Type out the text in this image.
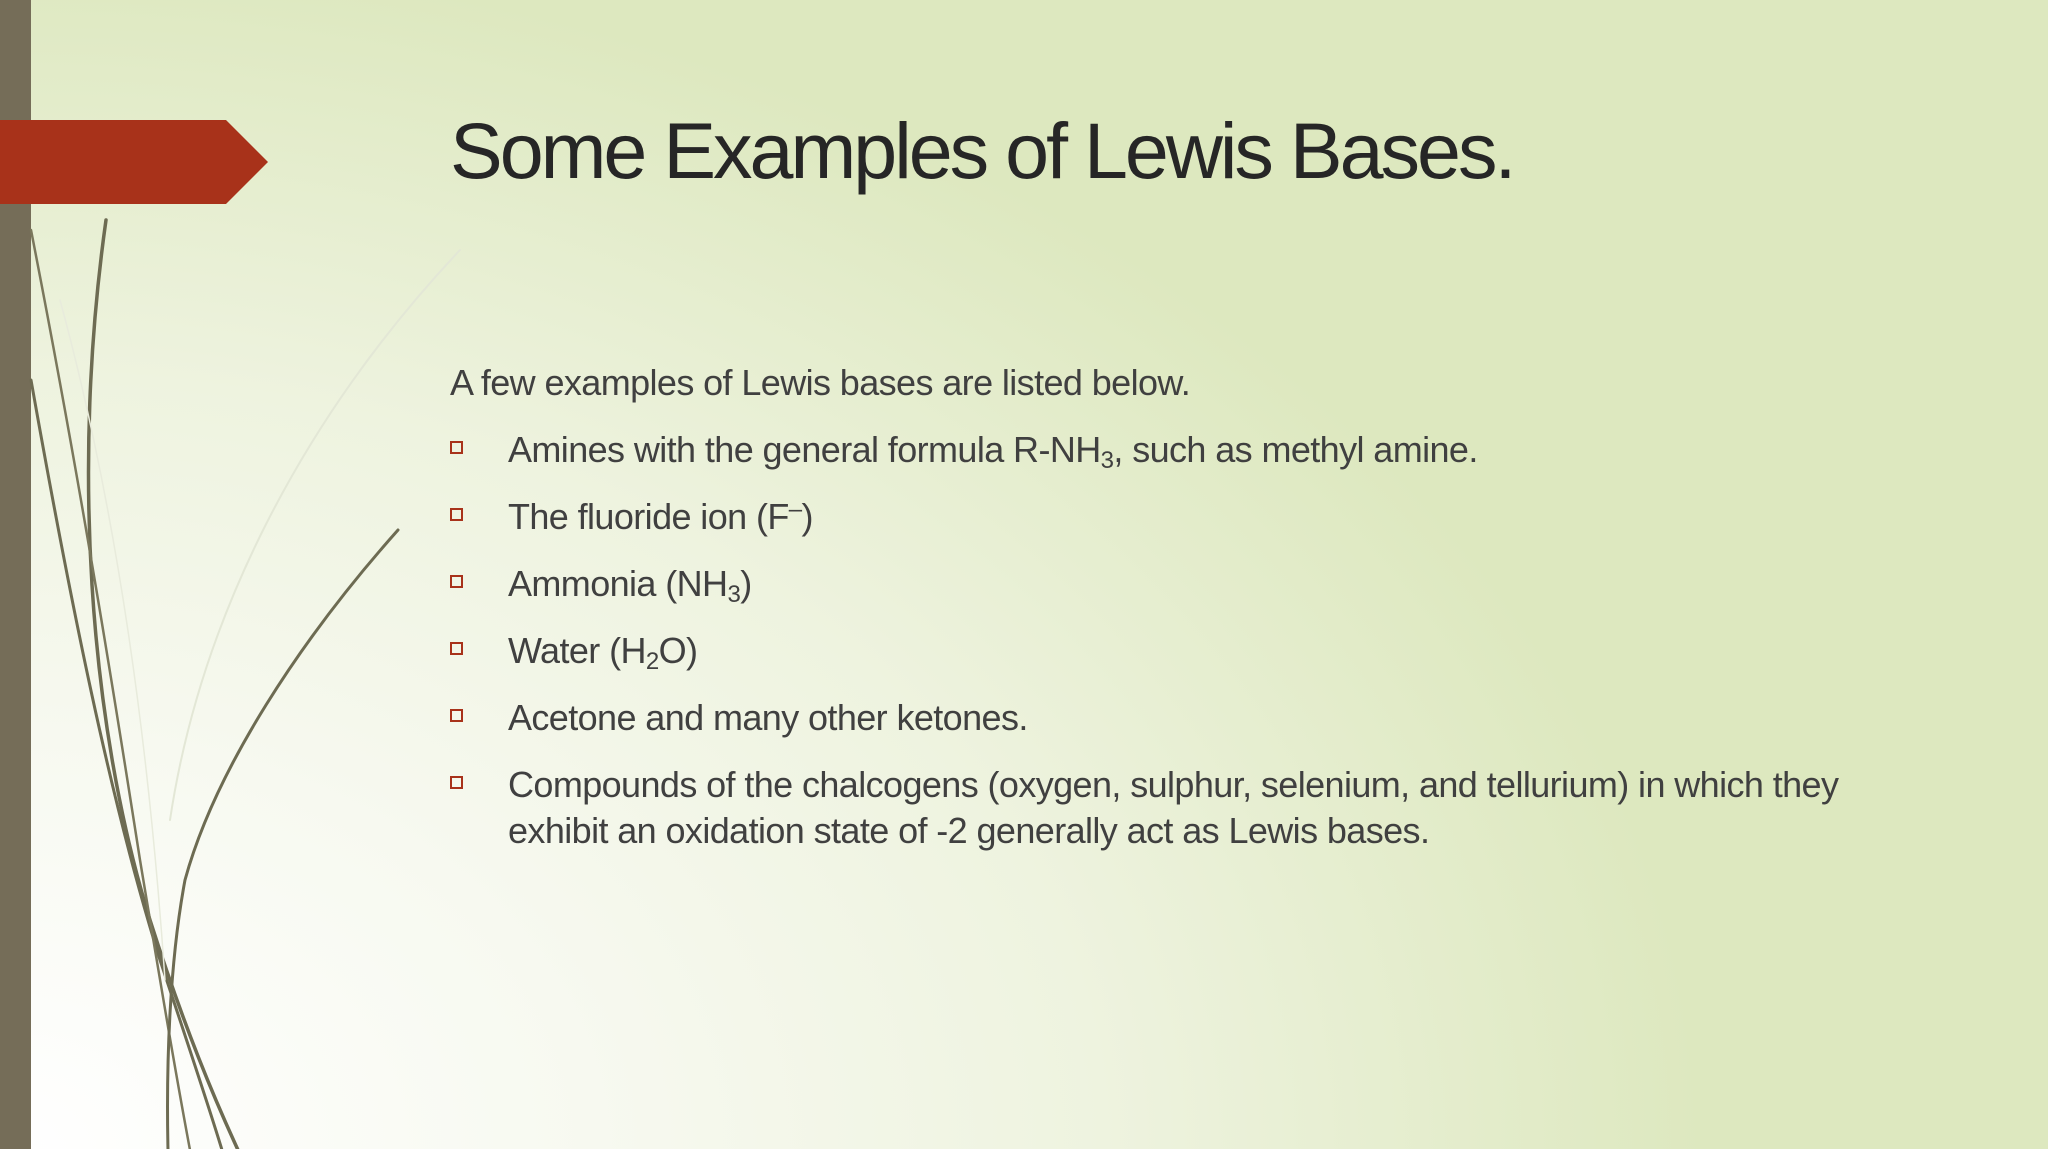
Some Examples of Lewis Bases.

A few examples of Lewis bases are listed below.

Amines with the general formula $R-NH_3$, such as methyl amine.
The fluoride ion (F–)
Ammonia $(NH_3)$
Water $(H_2O)$
Acetone and many other ketones.
Compounds of the chalcogens (oxygen, sulphur, selenium, and tellurium) in which they exhibit an oxidation state of -2 generally act as Lewis bases.
